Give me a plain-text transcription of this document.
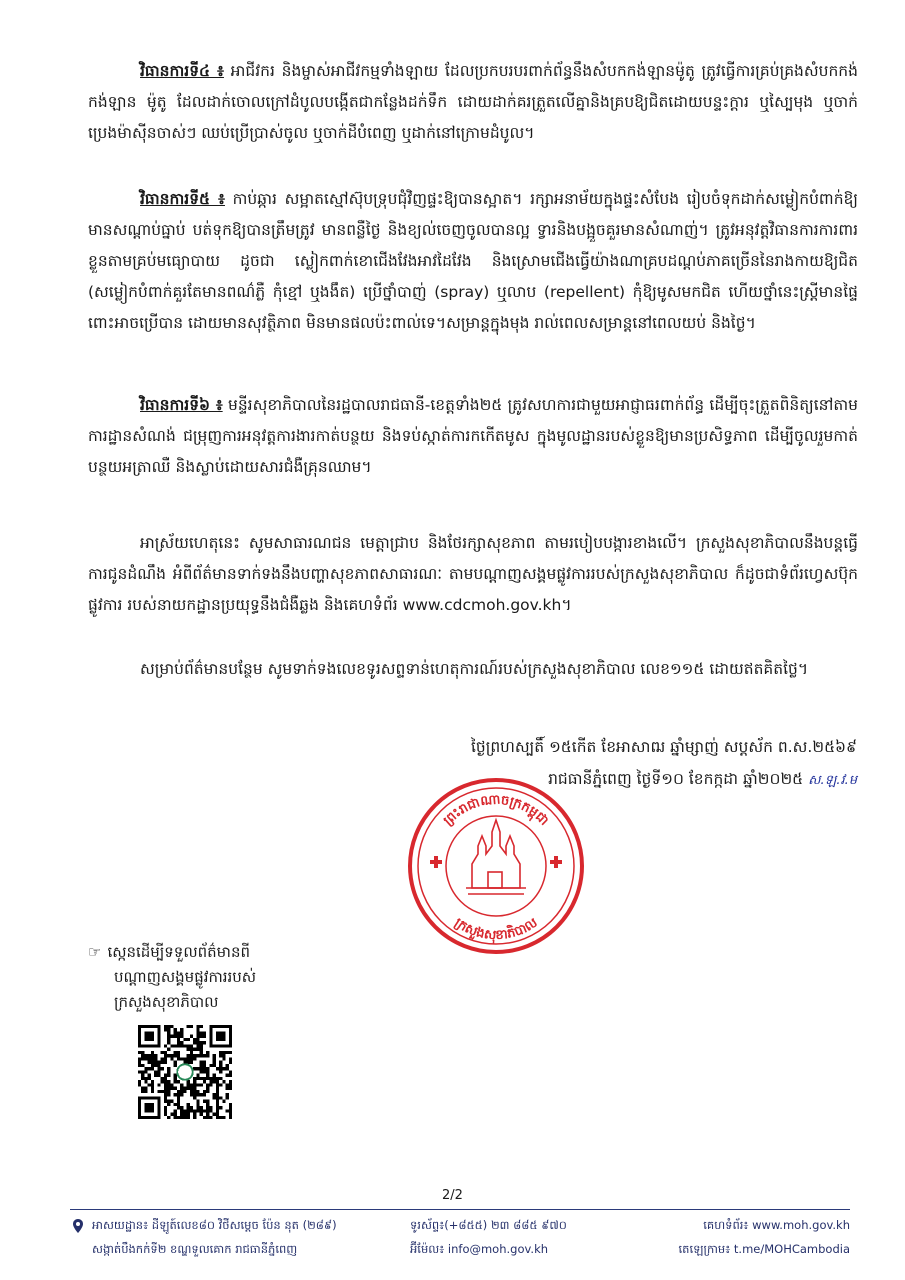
វិធានការទី៤ ៖ អាជីវករ និងម្ចាស់អាជីវកម្មទាំងឡាយ ដែលប្រកបរបរពាក់ព័ន្ធនឹងសំបកកង់ឡានម៉ូតូ ត្រូវធ្វើការគ្រប់គ្រងសំបកកង់ កង់ឡាន ម៉ូតូ ដែលដាក់ចោលក្រៅដំបូលបង្កើតជាកន្លែងដក់ទឹក ដោយដាក់គរត្រួតលើគ្នានិងគ្របឱ្យជិតដោយបន្ទះក្តារ ឬស្បៃមុង ឬចាក់ប្រេងម៉ាស៊ីនចាស់ៗ ឈប់ប្រើប្រាស់ចូល ឬចាក់ដីបំពេញ ឬដាក់នៅក្រោមដំបូល។
វិធានការទី៥ ៖ កាប់ឆ្ការ សម្អាតស្មៅស៊ុបទ្រុបជុំវិញផ្ទះឱ្យបានស្អាត។ រក្សាអនាម័យក្នុងផ្ទះសំបែង រៀបចំទុកដាក់សម្លៀកបំពាក់ឱ្យមានសណ្តាប់ធ្នាប់ បត់ទុកឱ្យបានត្រឹមត្រូវ មានពន្លឺថ្ងៃ និងខ្យល់ចេញចូលបានល្អ ទ្វារនិងបង្អួចគួរមានសំណាញ់។ ត្រូវអនុវត្តវិធានការការពារខ្លួនតាមគ្រប់មធ្យោបាយ ដូចជា ស្លៀកពាក់ខោជើងវែងអាវដៃវែង និងស្រោមជើងធ្វើយ៉ាងណាគ្របដណ្តប់ភាគច្រើននៃរាងកាយឱ្យជិត (សម្លៀកបំពាក់គួរតែមានពណ៌ភ្លឺ កុំខ្មៅ ឬងងឹត) ប្រើថ្នាំបាញ់ (spray) ឬលាប (repellent) កុំឱ្យមូសមកជិត ហើយថ្នាំនេះស្ត្រីមានផ្ទៃពោះអាចប្រើបាន ដោយមានសុវត្ថិភាព មិនមានផលប៉ះពាល់ទេ។សម្រាន្តក្នុងមុង រាល់ពេលសម្រាន្តនៅពេលយប់ និងថ្ងៃ។
វិធានការទី៦ ៖ មន្ទីរសុខាភិបាលនៃរដ្ឋបាលរាជធានី-ខេត្តទាំង២៥ ត្រូវសហការជាមួយអាជ្ញាធរពាក់ព័ន្ធ ដើម្បីចុះត្រួតពិនិត្យនៅតាមការដ្ឋានសំណង់ ជម្រុញការអនុវត្តការងារកាត់បន្ថយ និងទប់ស្កាត់ការកកើតមូស ក្នុងមូលដ្ឋានរបស់ខ្លួនឱ្យមានប្រសិទ្ធភាព ដើម្បីចូលរួមកាត់បន្ថយអត្រាឈឺ និងស្លាប់ដោយសារជំងឺគ្រុនឈាម។
អាស្រ័យហេតុនេះ សូមសាធារណជន មេត្តាជ្រាប និងថែរក្សាសុខភាព តាមរបៀបបង្ការខាងលើ។ ក្រសួងសុខាភិបាលនឹងបន្តធ្វើការជូនដំណឹង អំពីព័ត៌មានទាក់ទងនឹងបញ្ហាសុខភាពសាធារណៈ តាមបណ្តាញសង្គមផ្លូវការរបស់ក្រសួងសុខាភិបាល ក៏ដូចជាទំព័រហ្វេសប៊ុកផ្លូវការ របស់នាយកដ្ឋានប្រយុទ្ធនឹងជំងឺឆ្លង និងគេហទំព័រ www.cdcmoh.gov.kh។
សម្រាប់ព័ត៌មានបន្ថែម សូមទាក់ទងលេខទូរសព្ទទាន់ហេតុការណ៍របស់ក្រសួងសុខាភិបាល លេខ១១៥ ដោយឥតគិតថ្លៃ។
ថ្ងៃព្រហស្បតិ៍ ១៥កើត ខែអាសាឍ ឆ្នាំម្សាញ់ សប្តស័ក ព.ស.២៥៦៩
រាជធានីភ្នំពេញ ថ្ងៃទី១០ ខែកក្កដា ឆ្នាំ២០២៥ ស.ឡ.វ.ម
ព្រះរាជាណាចក្រកម្ពុជា
ក្រសួងសុខាភិបាល
☞ ស្កេនដើម្បីទទួលព័ត៌មានពី
បណ្តាញសង្គមផ្លូវការរបស់
ក្រសួងសុខាភិបាល
2/2
អាសយដ្ឋាន៖ ដីឡូត៍លេខ៨០ វិថីសម្តេច ប៉ែន នុត (២៨៩)
សង្កាត់បឹងកក់ទី២ ខណ្ឌទួលគោក រាជធានីភ្នំពេញ
ទូរស័ព្ទ៖(+៨៥៥) ២៣ ៨៨៥ ៩៧០
អ៊ីម៉ែល៖ info@moh.gov.kh
គេហទំព័រ៖ www.moh.gov.kh
តេឡេក្រាម៖ t.me/MOHCambodia
